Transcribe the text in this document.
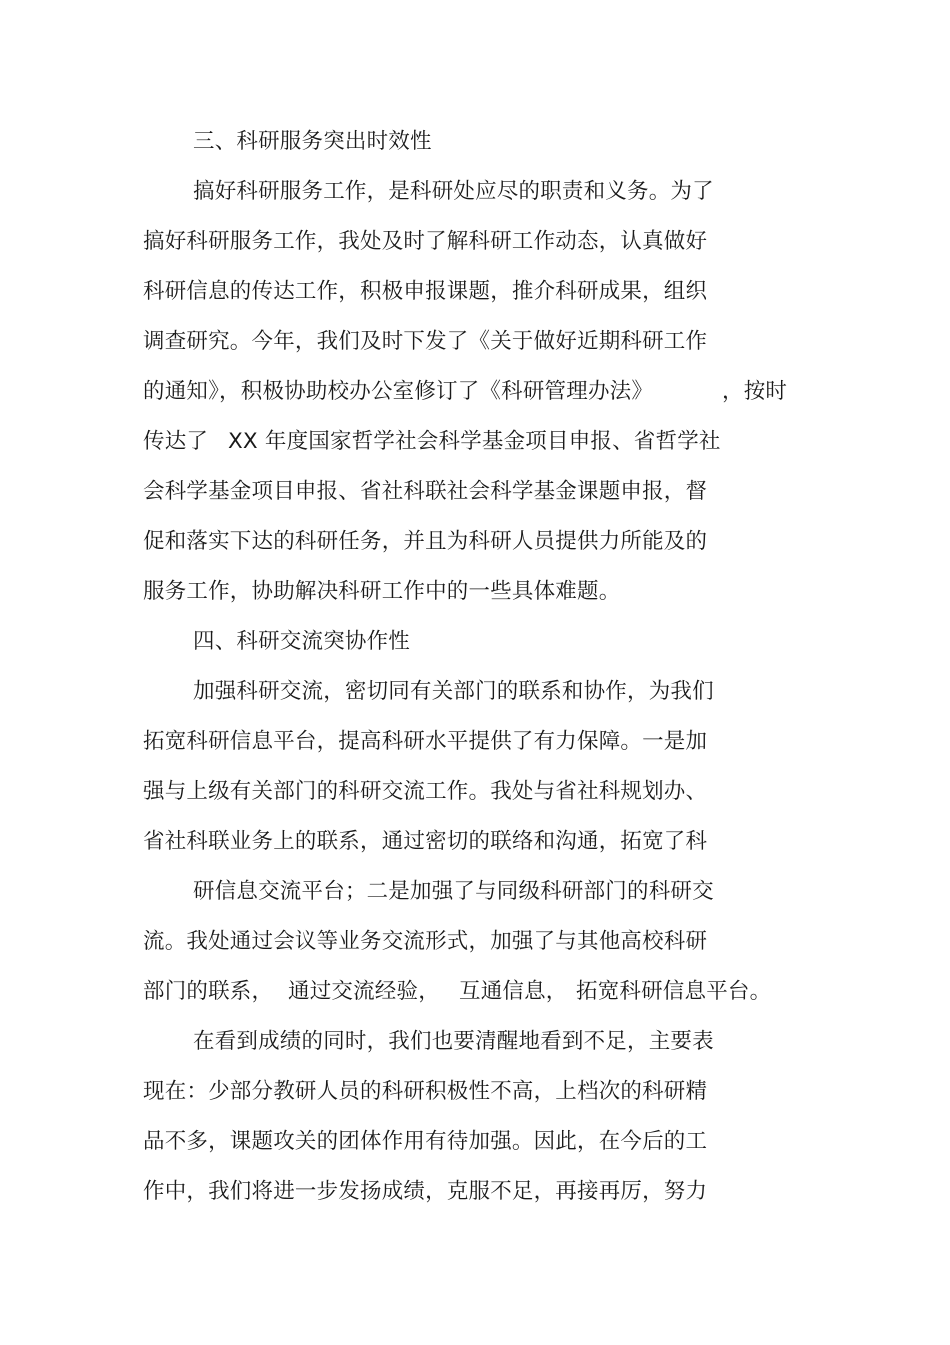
三、科研服务突出时效性
搞好科研服务工作，是科研处应尽的职责和义务。为了
搞好科研服务工作，我处及时了解科研工作动态，认真做好
科研信息的传达工作，积极申报课题，推介科研成果，组织
调查研究。今年，我们及时下发了《关于做好近期科研工作
的通知》，积极协助校办公室修订了《科研管理办法》	，按时
传达了 XX 年度国家哲学社会科学基金项目申报、省哲学社
会科学基金项目申报、省社科联社会科学基金课题申报，督
促和落实下达的科研任务，并且为科研人员提供力所能及的
服务工作，协助解决科研工作中的一些具体难题。
四、科研交流突协作性
加强科研交流，密切同有关部门的联系和协作，为我们
拓宽科研信息平台，提高科研水平提供了有力保障。一是加
强与上级有关部门的科研交流工作。我处与省社科规划办、
省社科联业务上的联系，通过密切的联络和沟通，拓宽了科
研信息交流平台；二是加强了与同级科研部门的科研交
流。我处通过会议等业务交流形式，加强了与其他高校科研
部门的联系， 通过交流经验， 互通信息， 拓宽科研信息平台。
在看到成绩的同时，我们也要清醒地看到不足，主要表
现在：少部分教研人员的科研积极性不高，上档次的科研精
品不多，课题攻关的团体作用有待加强。因此，在今后的工
作中，我们将进一步发扬成绩，克服不足，再接再厉，努力
